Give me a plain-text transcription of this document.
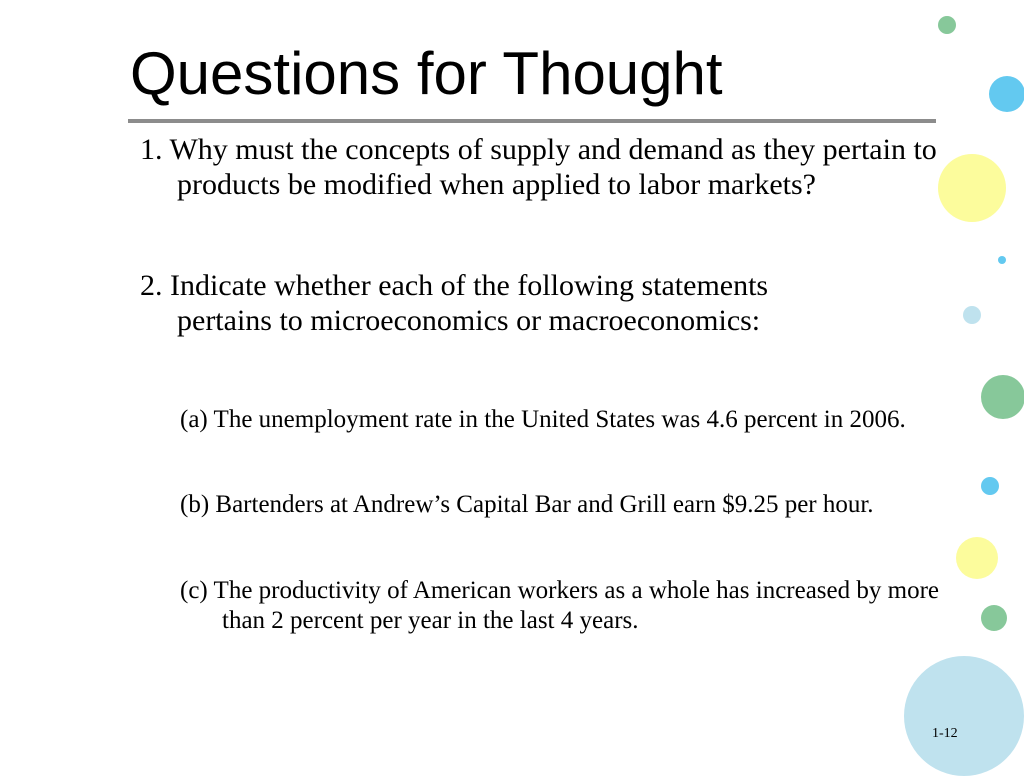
Questions for Thought

1. Why must the concepts of supply and demand as they pertain to products be modified when applied to labor markets?

2. Indicate whether each of the following statements pertains to microeconomics or macroeconomics:

(a) The unemployment rate in the United States was 4.6 percent in 2006.

(b) Bartenders at Andrew’s Capital Bar and Grill earn $9.25 per hour.

(c) The productivity of American workers as a whole has increased by more than 2 percent per year in the last 4 years.

1-12
